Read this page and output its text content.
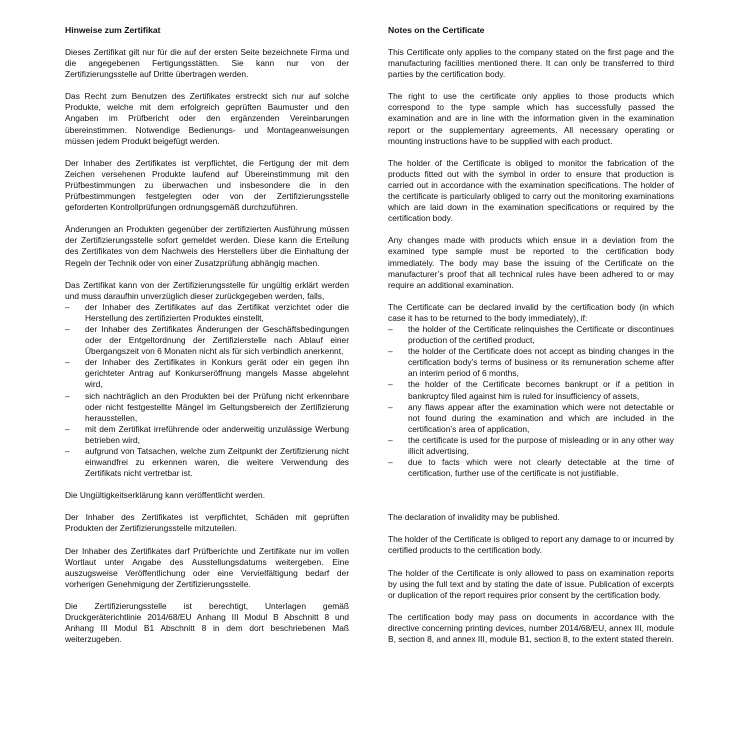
Hinweise zum Zertifikat

Dieses Zertifikat gilt nur für die auf der ersten Seite bezeichnete Firma und die angegebenen Fertigungsstätten. Sie kann nur von der Zertifizierungsstelle auf Dritte übertragen werden.

Das Recht zum Benutzen des Zertifikates erstreckt sich nur auf solche Produkte, welche mit dem erfolgreich geprüften Baumuster und den Angaben im Prüfbericht oder den ergänzenden Vereinbarungen übereinstimmen. Notwendige Bedienungs- und Montageanweisungen müssen jedem Produkt beigefügt werden.

Der Inhaber des Zertifikates ist verpflichtet, die Fertigung der mit dem Zeichen versehenen Produkte laufend auf Übereinstimmung mit den Prüfbestimmungen zu überwachen und insbesondere die in den Prüfbestimmungen festgelegten oder von der Zertifizierungsstelle geforderten Kontrollprüfungen ordnungsgemäß durchzuführen.

Änderungen an Produkten gegenüber der zertifizierten Ausführung müssen der Zertifizierungsstelle sofort gemeldet werden. Diese kann die Erteilung des Zertifikates von dem Nachweis des Herstellers über die Einhaltung der Regeln der Technik oder von einer Zusatzprüfung abhängig machen.

Das Zertifikat kann von der Zertifizierungsstelle für ungültig erklärt werden und muss daraufhin unverzüglich dieser zurückgegeben werden, falls,

– der Inhaber des Zertifikates auf das Zertifikat verzichtet oder die Herstellung des zertifizierten Produktes einstellt,
– der Inhaber des Zertifikates Änderungen der Geschäftsbedingungen oder der Entgeltordnung der Zertifizierstelle nach Ablauf einer Übergangszeit von 6 Monaten nicht als für sich verbindlich anerkennt,
– der Inhaber des Zertifikates in Konkurs gerät oder ein gegen ihn gerichteter Antrag auf Konkurseröffnung mangels Masse abgelehnt wird,
– sich nachträglich an den Produkten bei der Prüfung nicht erkennbare oder nicht festgestellte Mängel im Geltungsbereich der Zertifizierung herausstellen,
– mit dem Zertifikat irreführende oder anderweitig unzulässige Werbung betrieben wird,
– aufgrund von Tatsachen, welche zum Zeitpunkt der Zertifizierung nicht einwandfrei zu erkennen waren, die weitere Verwendung des Zertifikats nicht vertretbar ist.

Die Ungültigkeitserklärung kann veröffentlicht werden.

Der Inhaber des Zertifikates ist verpflichtet, Schäden mit geprüften Produkten der Zertifizierungsstelle mitzuteilen.

Der Inhaber des Zertifikates darf Prüfberichte und Zertifikate nur im vollen Wortlaut unter Angabe des Ausstellungsdatums weitergeben. Eine auszugsweise Veröffentlichung oder eine Vervielfältigung bedarf der vorherigen Genehmigung der Zertifizierungsstelle.

Die Zertifizierungsstelle ist berechtigt, Unterlagen gemäß Druckgeräterichtlinie 2014/68/EU Anhang III Modul B Abschnitt 8 und Anhang III Modul B1 Abschnitt 8 in dem dort beschriebenen Maß weiterzugeben.

Notes on the Certificate

This Certificate only applies to the company stated on the first page and the manufacturing facilities mentioned there. It can only be transferred to third parties by the certification body.

The right to use the certificate only applies to those products which correspond to the type sample which has successfully passed the examination and are in line with the information given in the examination report or the supplementary agreements. All necessary operating or mounting instructions have to be supplied with each product.

The holder of the Certificate is obliged to monitor the fabrication of the products fitted out with the symbol in order to ensure that production is carried out in accordance with the examination specifications. The holder of the certificate is particularly obliged to carry out the monitoring examinations which are laid down in the examination specifications or required by the certification body.

Any changes made with products which ensue in a deviation from the examined type sample must be reported to the certification body immediately. The body may base the issuing of the Certificate on the manufacturer’s proof that all technical rules have been adhered to or may require an additional examination.

The Certificate can be declared invalid by the certification body (in which case it has to be returned to the body immediately), if:

– the holder of the Certificate relinquishes the Certificate or discontinues production of the certified product,
– the holder of the Certificate does not accept as binding changes in the certification body’s terms of business or its remuneration scheme after an interim period of 6 months,
– the holder of the Certificate becomes bankrupt or if a petition in bankruptcy filed against him is ruled for insufficiency of assets,
– any flaws appear after the examination which were not detectable or not found during the examination and which are included in the certification’s area of application,
– the certificate is used for the purpose of misleading or in any other way illicit advertising,
– due to facts which were not clearly detectable at the time of certification, further use of the certificate is not justifiable.

The declaration of invalidity may be published.

The holder of the Certificate is obliged to report any damage to or incurred by certified products to the certification body.

The holder of the Certificate is only allowed to pass on examination reports by using the full text and by stating the date of issue. Publication of excerpts or duplication of the report requires prior consent by the certification body.

The certification body may pass on documents in accordance with the directive concerning printing devices, number 2014/68/EU, annex III, module B, section 8, and annex III, module B1, section 8, to the extent stated therein.
